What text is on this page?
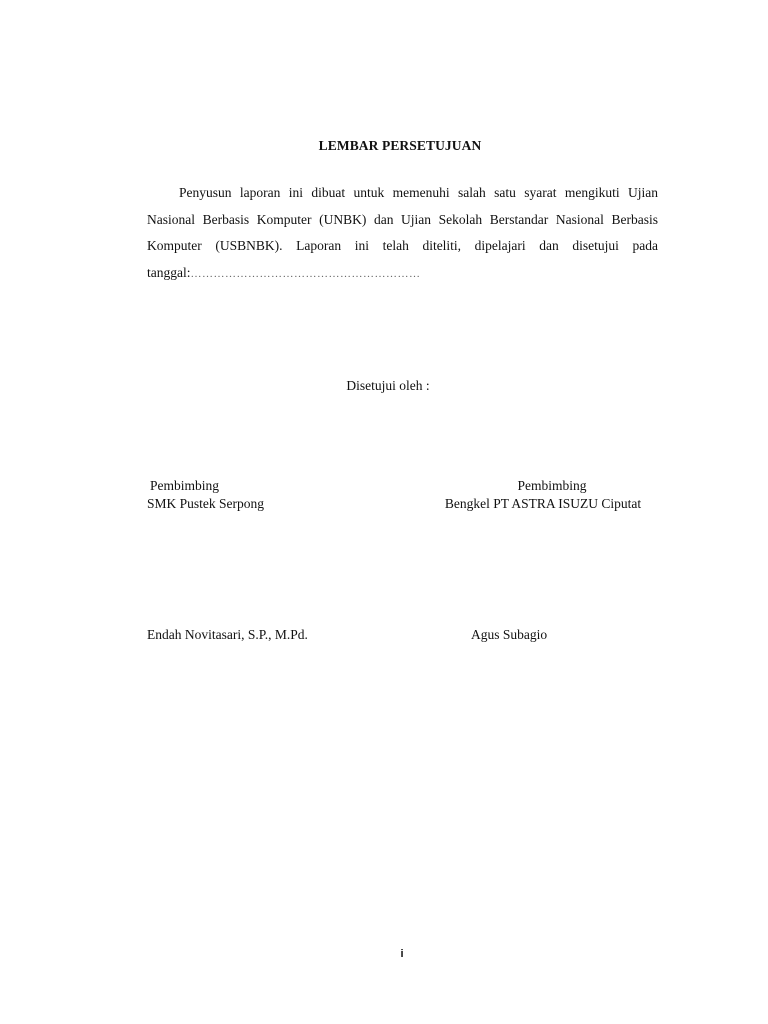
LEMBAR PERSETUJUAN

Penyusun laporan ini dibuat untuk memenuhi salah satu syarat mengikuti Ujian Nasional Berbasis Komputer (UNBK) dan Ujian Sekolah Berstandar Nasional Berbasis Komputer (USBNBK). Laporan ini telah diteliti, dipelajari dan disetujui pada tanggal:……………………………………………………

Disetujui oleh :
Pembimbing
SMK Pustek Serpong
Pembimbing
Bengkel PT ASTRA ISUZU Ciputat
Endah Novitasari, S.P., M.Pd.	Agus Subagio
i
